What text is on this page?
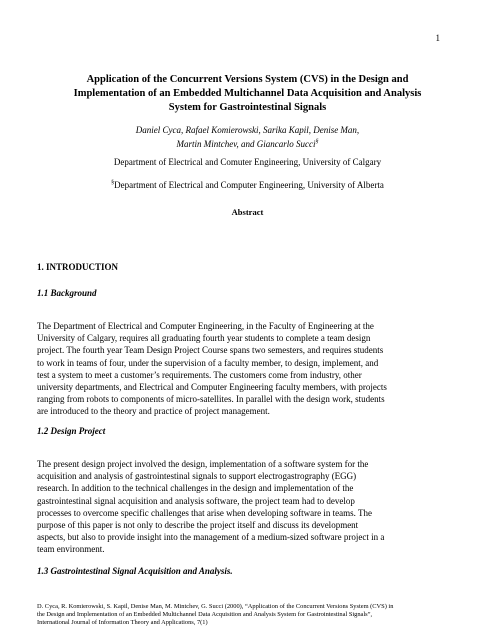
1
Application of the Concurrent Versions System (CVS) in the Design and
Implementation of an Embedded Multichannel Data Acquisition and Analysis
System for Gastrointestinal Signals
Daniel Cyca, Rafael Komierowski, Sarika Kapil, Denise Man,
Martin Mintchev, and Giancarlo Succi§
Department of Electrical and Comuter Engineering, University of Calgary
§Department of Electrical and Computer Engineering, University of Alberta
Abstract
1. INTRODUCTION
1.1 Background
The Department of Electrical and Computer Engineering, in the Faculty of Engineering at the
University of Calgary, requires all graduating fourth year students to complete a team design
project. The fourth year Team Design Project Course spans two semesters, and requires students
to work in teams of four, under the supervision of a faculty member, to design, implement, and
test a system to meet a customer’s requirements. The customers come from industry, other
university departments, and Electrical and Computer Engineering faculty members, with projects
ranging from robots to components of micro-satellites. In parallel with the design work, students
are introduced to the theory and practice of project management.
1.2 Design Project
The present design project involved the design, implementation of a software system for the
acquisition and analysis of gastrointestinal signals to support electrogastrography (EGG)
research. In addition to the technical challenges in the design and implementation of the
gastrointestinal signal acquisition and analysis software, the project team had to develop
processes to overcome specific challenges that arise when developing software in teams. The
purpose of this paper is not only to describe the project itself and discuss its development
aspects, but also to provide insight into the management of a medium-sized software project in a
team environment.
1.3 Gastrointestinal Signal Acquisition and Analysis.
D. Cyca, R. Komierowski, S. Kapil, Denise Man, M. Mintchev, G. Succi (2000), “Application of the Concurrent Versions System (CVS) in
the Design and Implementation of an Embedded Multichannel Data Acquisition and Analysis System for Gastrointestinal Signals”,
International Journal of Information Theory and Applications, 7(1)
